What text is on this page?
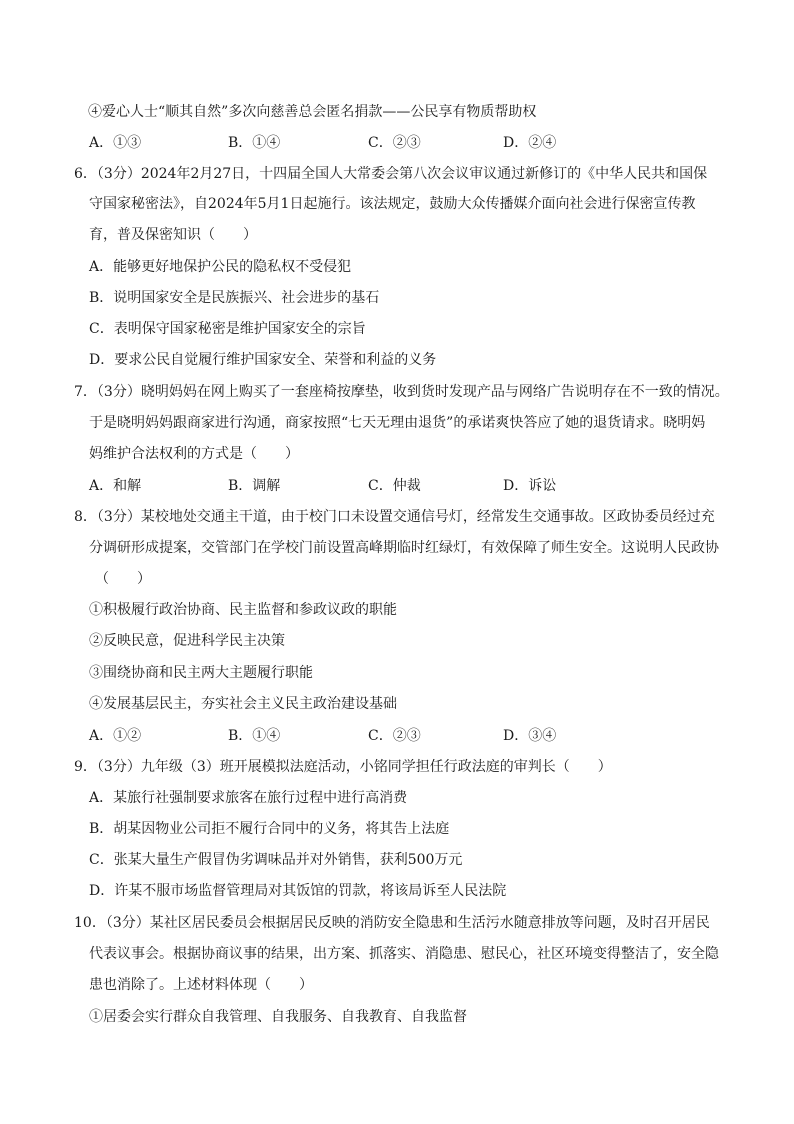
④爱心人士“顺其自然”多次向慈善总会匿名捐款——公民享有物质帮助权
A．①③	B．①④	C．②③	D．②④
6．（3分）2024年2月27日，十四届全国人大常委会第八次会议审议通过新修订的《中华人民共和国保
守国家秘密法》，自2024年5月1日起施行。该法规定，鼓励大众传播媒介面向社会进行保密宣传教
育，普及保密知识（　　）
A．能够更好地保护公民的隐私权不受侵犯
B．说明国家安全是民族振兴、社会进步的基石
C．表明保守国家秘密是维护国家安全的宗旨
D．要求公民自觉履行维护国家安全、荣誉和利益的义务
7．（3分）晓明妈妈在网上购买了一套座椅按摩垫，收到货时发现产品与网络广告说明存在不一致的情况。
于是晓明妈妈跟商家进行沟通，商家按照“七天无理由退货”的承诺爽快答应了她的退货请求。晓明妈
妈维护合法权利的方式是（　　）
A．和解	B．调解	C．仲裁	D．诉讼
8．（3分）某校地处交通主干道，由于校门口未设置交通信号灯，经常发生交通事故。区政协委员经过充
分调研形成提案，交管部门在学校门前设置高峰期临时红绿灯，有效保障了师生安全。这说明人民政协
（　　）
①积极履行政治协商、民主监督和参政议政的职能
②反映民意，促进科学民主决策
③围绕协商和民主两大主题履行职能
④发展基层民主，夯实社会主义民主政治建设基础
A．①②	B．①④	C．②③	D．③④
9．（3分）九年级（3）班开展模拟法庭活动，小铭同学担任行政法庭的审判长（　　）
A．某旅行社强制要求旅客在旅行过程中进行高消费
B．胡某因物业公司拒不履行合同中的义务，将其告上法庭
C．张某大量生产假冒伪劣调味品并对外销售，获利500万元
D．许某不服市场监督管理局对其饭馆的罚款，将该局诉至人民法院
10．（3分）某社区居民委员会根据居民反映的消防安全隐患和生活污水随意排放等问题，及时召开居民
代表议事会。根据协商议事的结果，出方案、抓落实、消隐患、慰民心，社区环境变得整洁了，安全隐
患也消除了。上述材料体现（　　）
①居委会实行群众自我管理、自我服务、自我教育、自我监督
